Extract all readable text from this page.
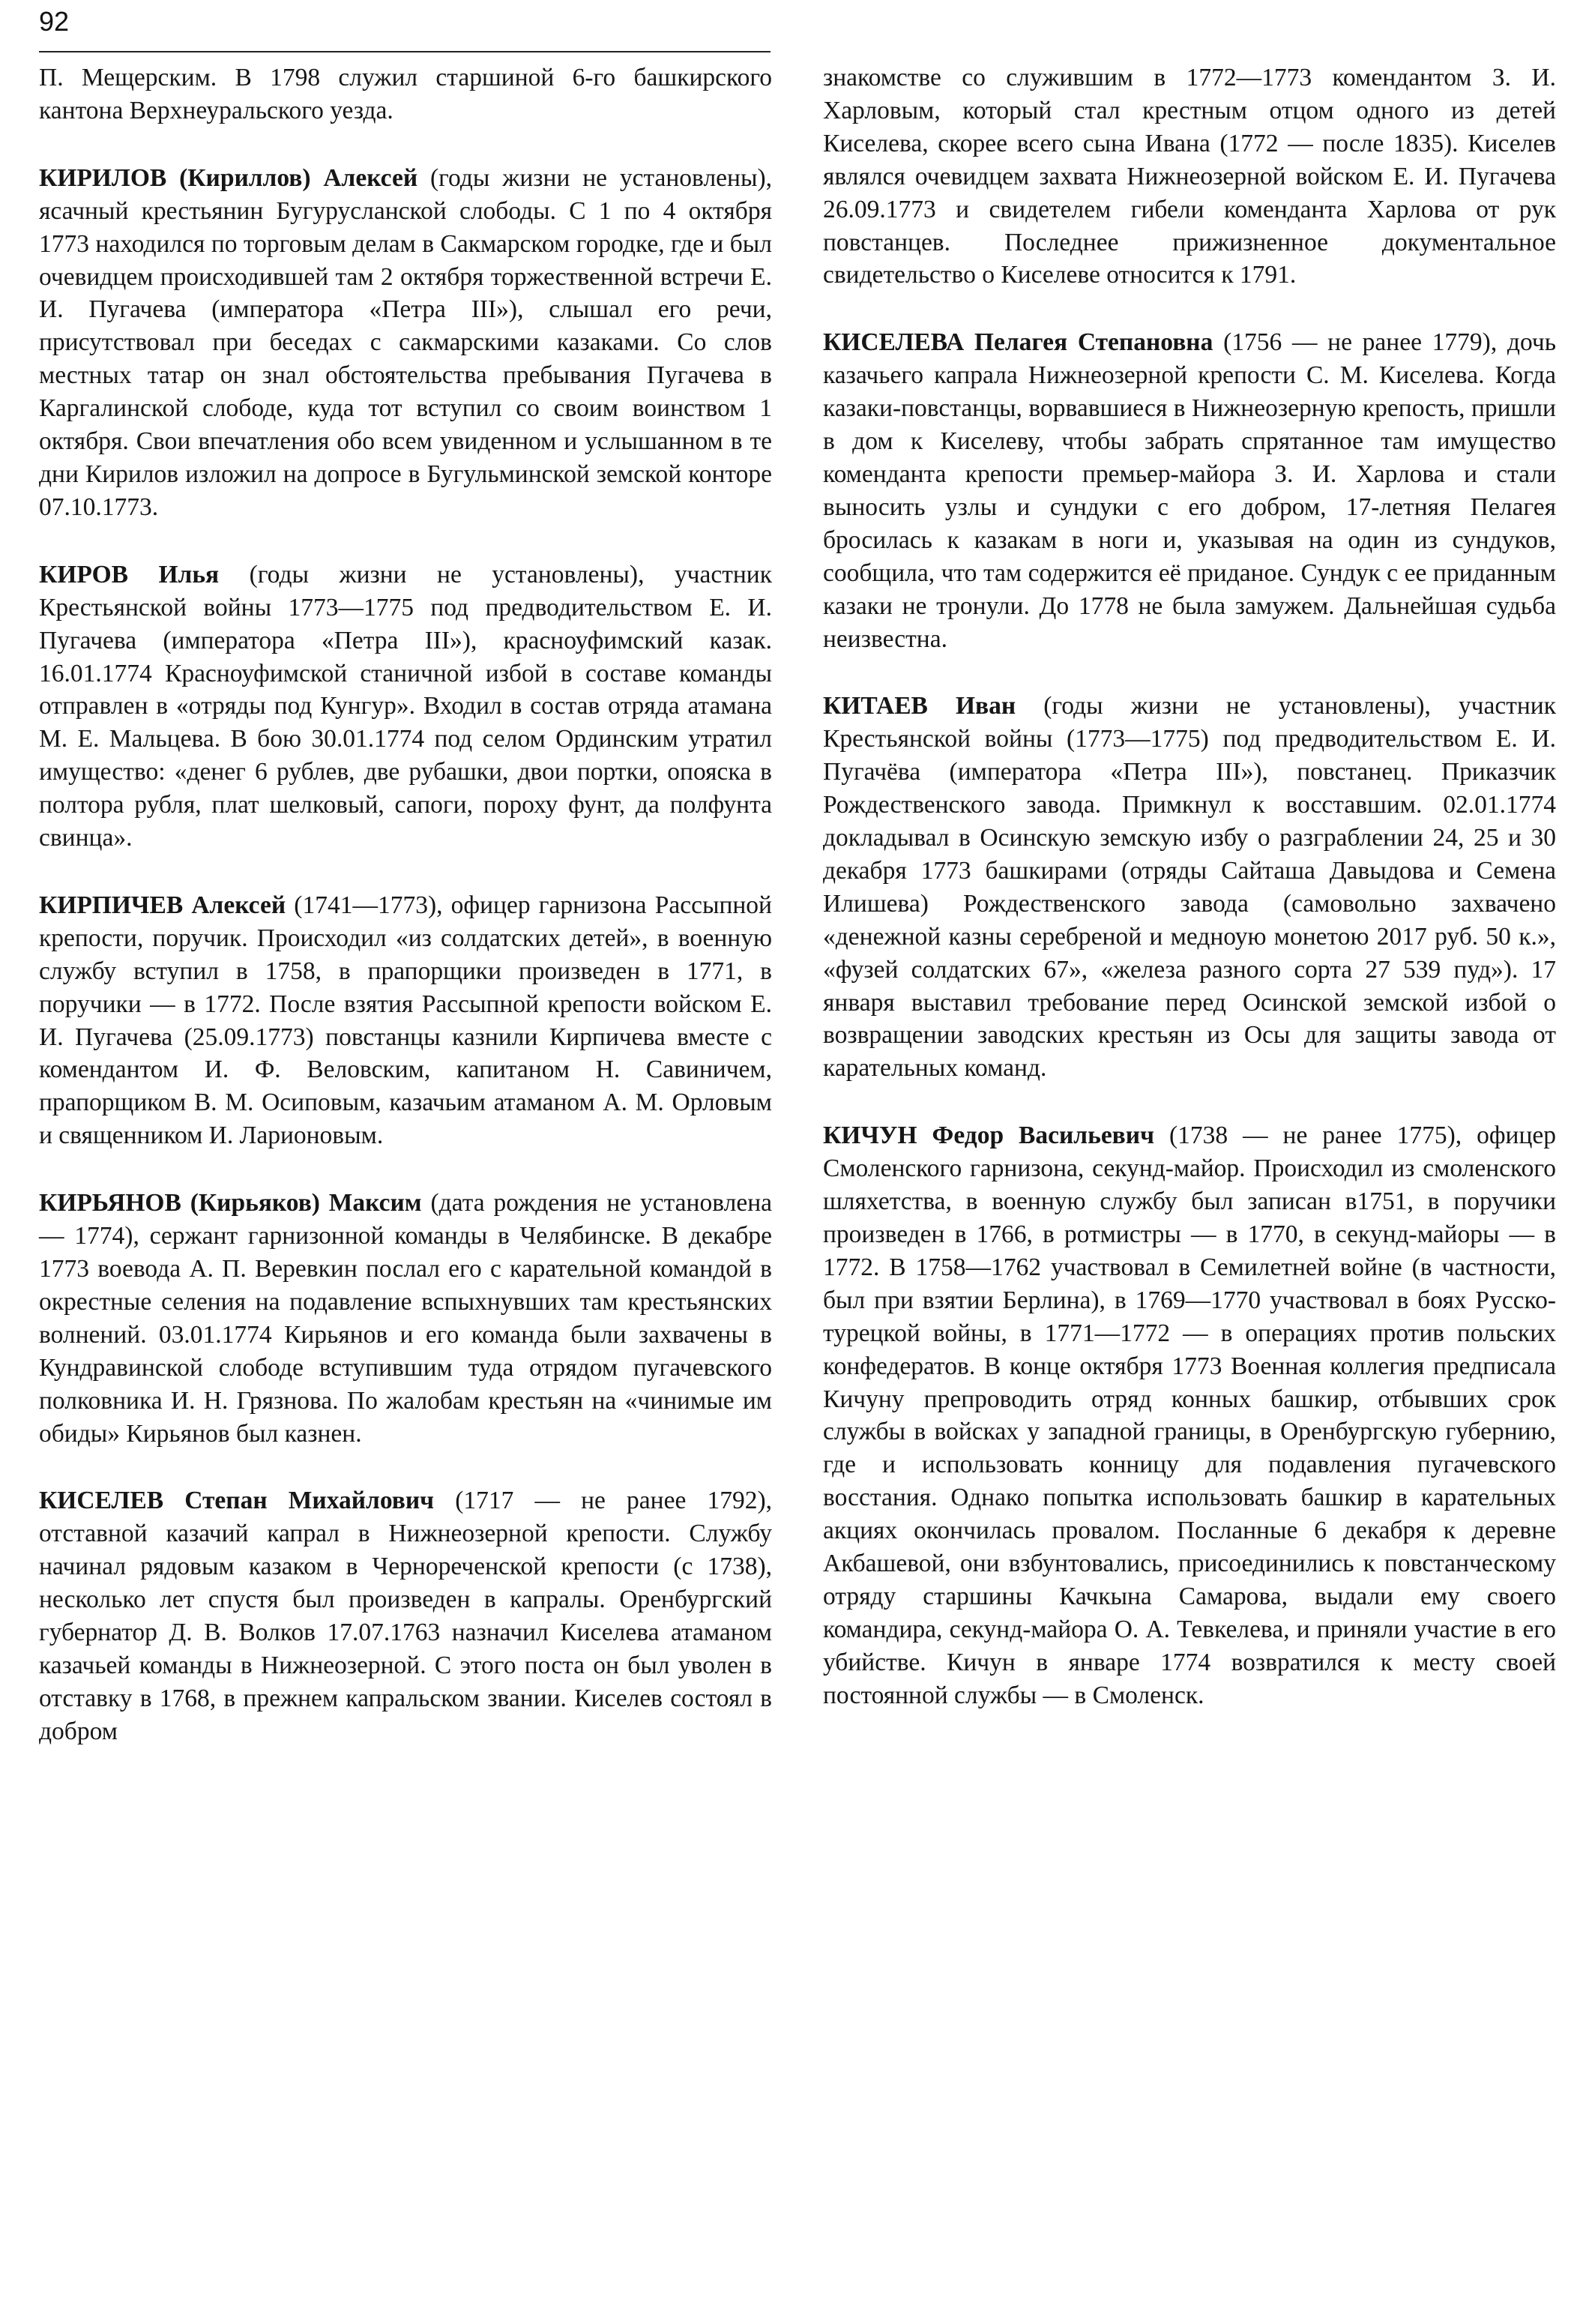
92
П. Мещерским. В 1798 служил старшиной 6-го башкирского кантона Верхнеуральского уезда.
КИРИЛОВ (Кириллов) Алексей (годы жизни не установлены), ясачный крестьянин Бугурусланской слободы. С 1 по 4 октября 1773 находился по торговым делам в Сакмарском городке, где и был очевидцем происходившей там 2 октября торжественной встречи Е. И. Пугачева (императора «Петра III»), слышал его речи, присутствовал при беседах с сакмарскими казаками. Со слов местных татар он знал обстоятельства пребывания Пугачева в Каргалинской слободе, куда тот вступил со своим воинством 1 октября. Свои впечатления обо всем увиденном и услышанном в те дни Кирилов изложил на допросе в Бугульминской земской конторе 07.10.1773.
КИРОВ Илья (годы жизни не установлены), участник Крестьянской войны 1773—1775 под предводительством Е. И. Пугачева (императора «Петра III»), красноуфимский казак. 16.01.1774 Красноуфимской станичной избой в составе команды отправлен в «отряды под Кунгур». Входил в состав отряда атамана М. Е. Мальцева. В бою 30.01.1774 под селом Ординским утратил имущество: «денег 6 рублев, две рубашки, двои портки, опояска в полтора рубля, плат шелковый, сапоги, пороху фунт, да полфунта свинца».
КИРПИЧЕВ Алексей (1741—1773), офицер гарнизона Рассыпной крепости, поручик. Происходил «из солдатских детей», в военную службу вступил в 1758, в прапорщики произведен в 1771, в поручики — в 1772. После взятия Рассыпной крепости войском Е. И. Пугачева (25.09.1773) повстанцы казнили Кирпичева вместе с комендантом И. Ф. Веловским, капитаном Н. Савиничем, прапорщиком В. М. Осиповым, казачьим атаманом А. М. Орловым и священником И. Ларионовым.
КИРЬЯНОВ (Кирьяков) Максим (дата рождения не установлена — 1774), сержант гарнизонной команды в Челябинске. В декабре 1773 воевода А. П. Веревкин послал его с карательной командой в окрестные селения на подавление вспыхнувших там крестьянских волнений. 03.01.1774 Кирьянов и его команда были захвачены в Кундравинской слободе вступившим туда отрядом пугачевского полковника И. Н. Грязнова. По жалобам крестьян на «чинимые им обиды» Кирьянов был казнен.
КИСЕЛЕВ Степан Михайлович (1717 — не ранее 1792), отставной казачий капрал в Нижнеозерной крепости. Службу начинал рядовым казаком в Чернореченской крепости (с 1738), несколько лет спустя был произведен в капралы. Оренбургский губернатор Д. В. Волков 17.07.1763 назначил Киселева атаманом казачьей команды в Нижнеозерной. С этого поста он был уволен в отставку в 1768, в прежнем капральском звании. Киселев состоял в добром
знакомстве со служившим в 1772—1773 комендантом З. И. Харловым, который стал крестным отцом одного из детей Киселева, скорее всего сына Ивана (1772 — после 1835). Киселев являлся очевидцем захвата Нижнеозерной войском Е. И. Пугачева 26.09.1773 и свидетелем гибели коменданта Харлова от рук повстанцев. Последнее прижизненное документальное свидетельство о Киселеве относится к 1791.
КИСЕЛЕВА Пелагея Степановна (1756 — не ранее 1779), дочь казачьего капрала Нижнеозерной крепости С. М. Киселева. Когда казаки-повстанцы, ворвавшиеся в Нижнеозерную крепость, пришли в дом к Киселеву, чтобы забрать спрятанное там имущество коменданта крепости премьер-майора З. И. Харлова и стали выносить узлы и сундуки с его добром, 17-летняя Пелагея бросилась к казакам в ноги и, указывая на один из сундуков, сообщила, что там содержится её приданое. Сундук с ее приданным казаки не тронули. До 1778 не была замужем. Дальнейшая судьба неизвестна.
КИТАЕВ Иван (годы жизни не установлены), участник Крестьянской войны (1773—1775) под предводительством Е. И. Пугачёва (императора «Петра III»), повстанец. Приказчик Рождественского завода. Примкнул к восставшим. 02.01.1774 докладывал в Осинскую земскую избу о разграблении 24, 25 и 30 декабря 1773 башкирами (отряды Сайташа Давыдова и Семена Илишева) Рождественского завода (самовольно захвачено «денежной казны серебреной и медноую монетою 2017 руб. 50 к.», «фузей солдатских 67», «железа разного сорта 27 539 пуд»). 17 января выставил требование перед Осинской земской избой о возвращении заводских крестьян из Осы для защиты завода от карательных команд.
КИЧУН Федор Васильевич (1738 — не ранее 1775), офицер Смоленского гарнизона, секунд-майор. Происходил из смоленского шляхетства, в военную службу был записан в1751, в поручики произведен в 1766, в ротмистры — в 1770, в секунд-майоры — в 1772. В 1758—1762 участвовал в Семилетней войне (в частности, был при взятии Берлина), в 1769—1770 участвовал в боях Русско-турецкой войны, в 1771—1772 — в операциях против польских конфедератов. В конце октября 1773 Военная коллегия предписала Кичуну препроводить отряд конных башкир, отбывших срок службы в войсках у западной границы, в Оренбургскую губернию, где и использовать конницу для подавления пугачевского восстания. Однако попытка использовать башкир в карательных акциях окончилась провалом. Посланные 6 декабря к деревне Акбашевой, они взбунтовались, присоединились к повстанческому отряду старшины Качкына Самарова, выдали ему своего командира, секунд-майора О. А. Тевкелева, и приняли участие в его убийстве. Кичун в январе 1774 возвратился к месту своей постоянной службы — в Смоленск.
